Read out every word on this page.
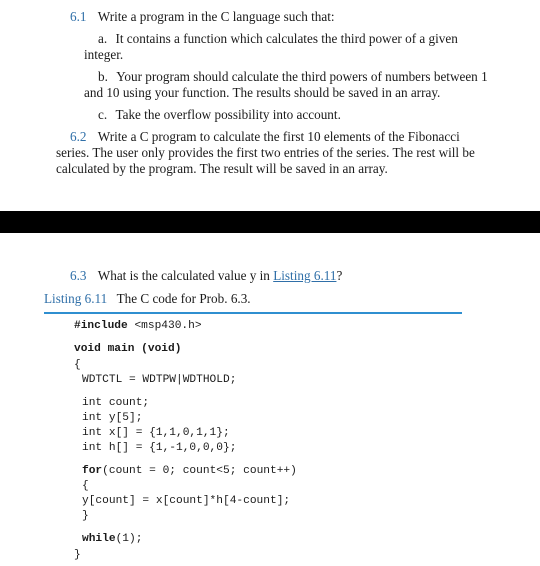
6.1 Write a program in the C language such that:
a. It contains a function which calculates the third power of a given
integer.
b. Your program should calculate the third powers of numbers between 1
and 10 using your function. The results should be saved in an array.
c. Take the overflow possibility into account.
6.2 Write a C program to calculate the first 10 elements of the Fibonacci
series. The user only provides the first two entries of the series. The rest will be
calculated by the program. The result will be saved in an array.
6.3 What is the calculated value y in Listing 6.11?
Listing 6.11 The C code for Prob. 6.3.
#include <msp430.h>
void main (void)
{
WDTCTL = WDTPW|WDTHOLD;
int count;
int y[5];
int x[] = {1,1,0,1,1};
int h[] = {1,-1,0,0,0};
for(count = 0; count<5; count++)
{
y[count] = x[count]*h[4-count];
}
while(1);
}
